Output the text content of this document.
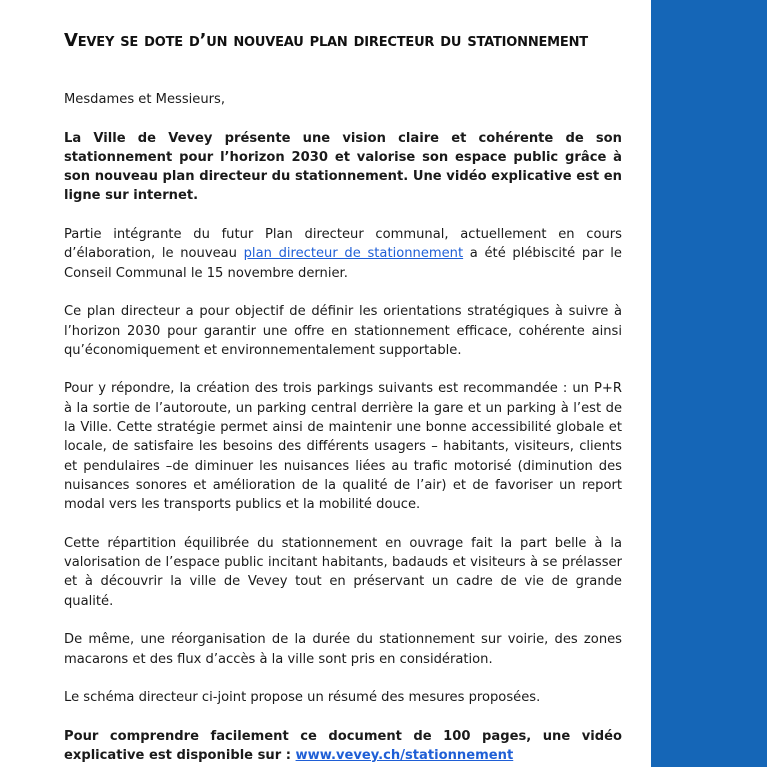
Vevey se dote d’un nouveau plan directeur du stationnement

Mesdames et Messieurs,

La Ville de Vevey présente une vision claire et cohérente de son stationnement pour l’horizon 2030 et valorise son espace public grâce à son nouveau plan directeur du stationnement. Une vidéo explicative est en ligne sur internet.

Partie intégrante du futur Plan directeur communal, actuellement en cours d’élaboration, le nouveau plan directeur de stationnement a été plébiscité par le Conseil Communal le 15 novembre dernier.

Ce plan directeur a pour objectif de définir les orientations stratégiques à suivre à l’horizon 2030 pour garantir une offre en stationnement efficace, cohérente ainsi qu’économiquement et environnementalement supportable.

Pour y répondre, la création des trois parkings suivants est recommandée : un P+R à la sortie de l’autoroute, un parking central derrière la gare et un parking à l’est de la Ville. Cette stratégie permet ainsi de maintenir une bonne accessibilité globale et locale, de satisfaire les besoins des différents usagers – habitants, visiteurs, clients et pendulaires –de diminuer les nuisances liées au trafic motorisé (diminution des nuisances sonores et amélioration de la qualité de l’air) et de favoriser un report modal vers les transports publics et la mobilité douce.

Cette répartition équilibrée du stationnement en ouvrage fait la part belle à la valorisation de l’espace public incitant habitants, badauds et visiteurs à se prélasser et à découvrir la ville de Vevey tout en préservant un cadre de vie de grande qualité.

De même, une réorganisation de la durée du stationnement sur voirie, des zones macarons et des flux d’accès à la ville sont pris en considération.

Le schéma directeur ci-joint propose un résumé des mesures proposées.

Pour comprendre facilement ce document de 100 pages, une vidéo explicative est disponible sur : www.vevey.ch/stationnement
